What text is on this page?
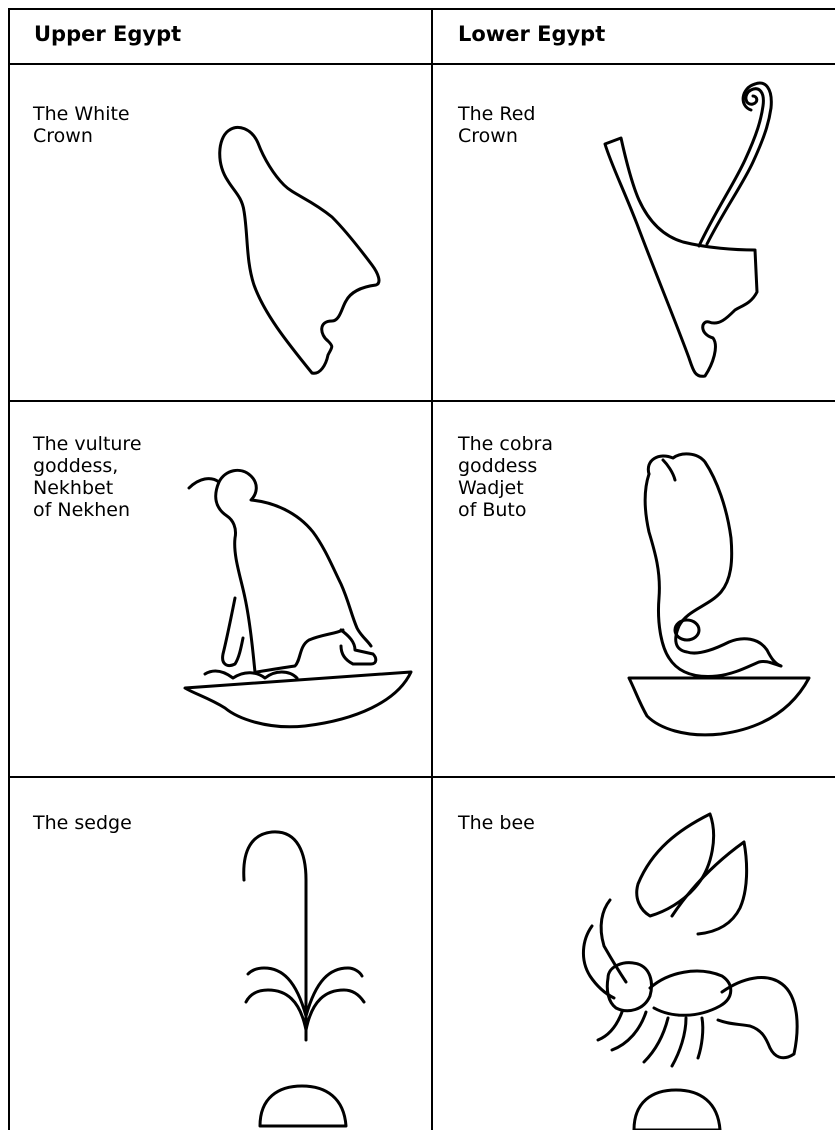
Upper Egypt	Lower Egypt
The White
Crown
The Red
Crown
The vulture
goddess,
Nekhbet
of Nekhen
The cobra
goddess
Wadjet
of Buto
The sedge	The bee
